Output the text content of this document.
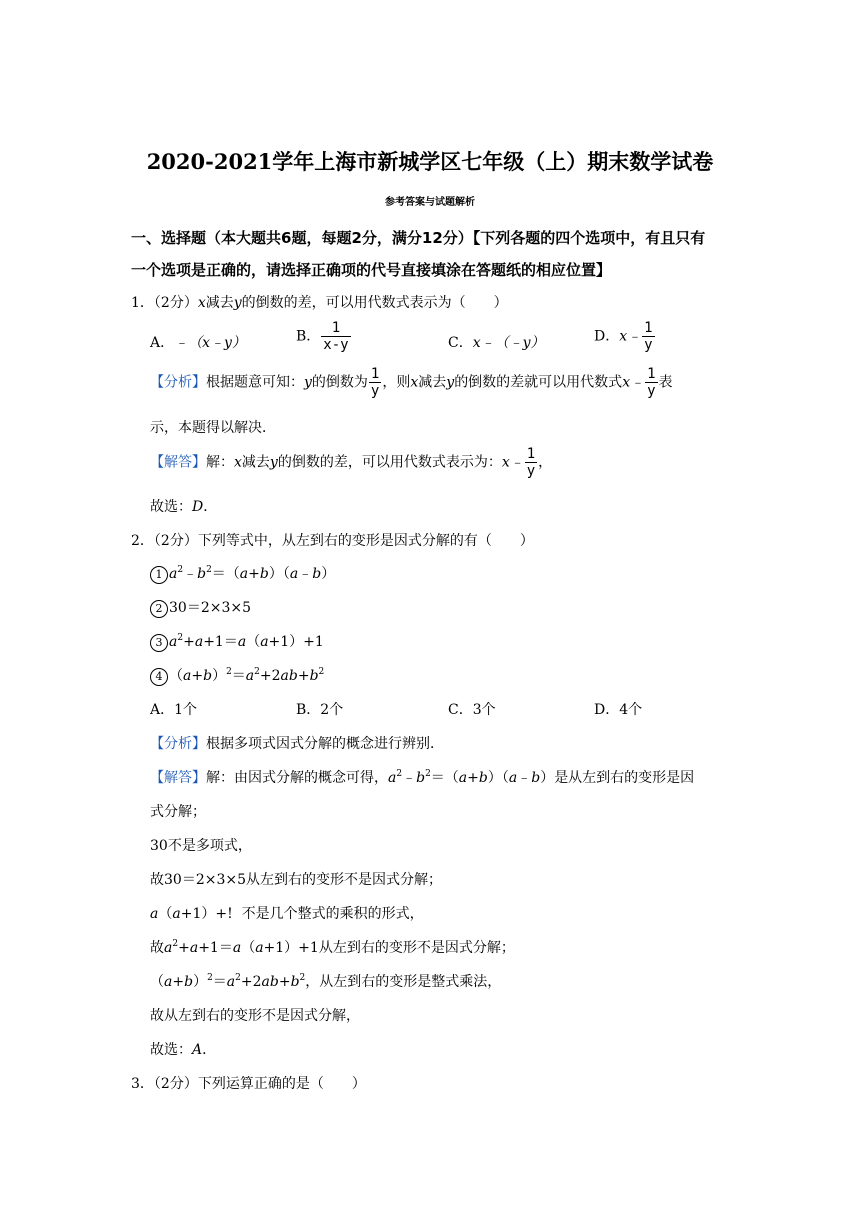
2020-2021学年上海市新城学区七年级（上）期末数学试卷
参考答案与试题解析
一、选择题（本大题共6题，每题2分，满分12分）【下列各题的四个选项中，有且只有
一个选项是正确的，请选择正确项的代号直接填涂在答题纸的相应位置】
1．（2分）x减去y的倒数的差，可以用代数式表示为（　　）
A．﹣（x﹣y）	B． $\frac{1}{x-y}$	C．x﹣（﹣y）	D．x﹣ $\frac{1}{y}$
【分析】根据题意可知：y的倒数为 $\frac{1}{y}$ ，则x减去y的倒数的差就可以用代数式x﹣ $\frac{1}{y}$ 表
示，本题得以解决．
【解答】解：x减去y的倒数的差，可以用代数式表示为：x﹣ $\frac{1}{y}$ ，
故选：D．
2．（2分）下列等式中，从左到右的变形是因式分解的有（　　）
1 $a^2﹣b^2=(a+b)(a﹣b)$
2 30＝2×3×5
3 $a^2+a+1=a(a+1)+1$
4 $(a+b)^2=a^2+2ab+b^2$
A．1个	B．2个	C．3个	D．4个
【分析】根据多项式因式分解的概念进行辨别．
【解答】解：由因式分解的概念可得，$a^2﹣b^2=(a+b)(a﹣b)$是从左到右的变形是因
式分解；
30不是多项式，
故30＝2×3×5从左到右的变形不是因式分解；
a（a+1）+!  不是几个整式的乘积的形式，
故$a^2+a+1=a(a+1)+1$从左到右的变形不是因式分解；
$(a+b)^2=a^2+2ab+b^2$，从左到右的变形是整式乘法，
故从左到右的变形不是因式分解，
故选：A．
3．（2分）下列运算正确的是（　　）
